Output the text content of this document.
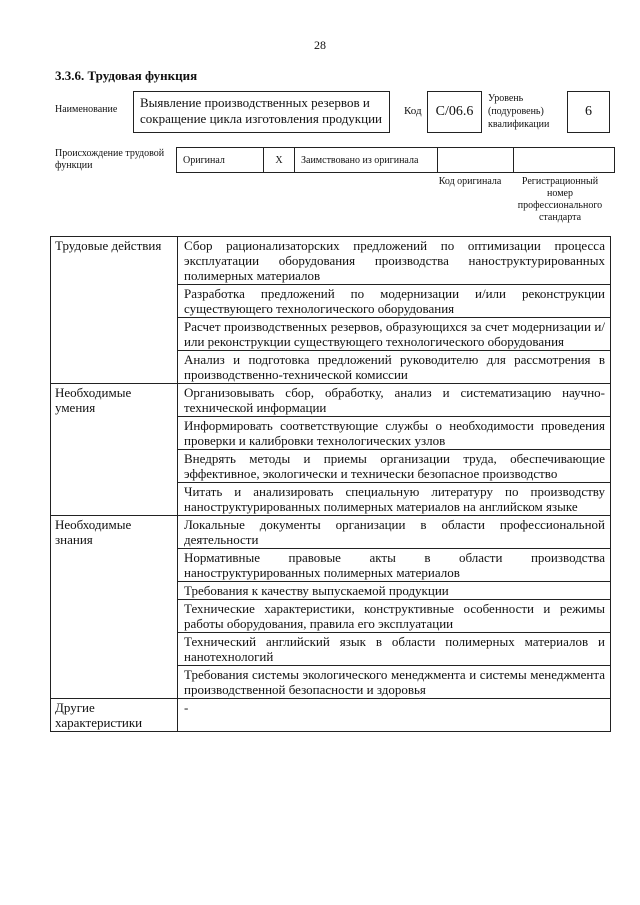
28
3.3.6. Трудовая функция
Наименование	Выявление производственных резервов и сокращение цикла изготовления продукции	Код	С/06.6
Уровень (подуровень) квалификации
6
Происхождение трудовой функции	Оригинал	Х	Заимствовано из оригинала		
Код оригинала	Регистрационный номер профессионального стандарта
Трудовые действия	Сбор рационализаторских предложений по оптимизации процесса эксплуатации оборудования производства наноструктурированных полимерных материалов
	Разработка предложений по модернизации и/или реконструкции существующего технологического оборудования
	Расчет производственных резервов, образующихся за счет модернизации и/или реконструкции существующего технологического оборудования
	Анализ и подготовка предложений руководителю для рассмотрения в производственно-технической комиссии
Необходимые умения	Организовывать сбор, обработку, анализ и систематизацию научно-технической информации
	Информировать соответствующие службы о необходимости проведения проверки и калибровки технологических узлов
	Внедрять методы и приемы организации труда, обеспечивающие эффективное, экологически и технически безопасное производство
	Читать и анализировать специальную литературу по производству наноструктурированных полимерных материалов на английском языке
Необходимые знания	Локальные документы организации в области профессиональной деятельности
	Нормативные правовые акты в области производства наноструктурированных полимерных материалов
	Требования к качеству выпускаемой продукции
	Технические характеристики, конструктивные особенности и режимы работы оборудования, правила его эксплуатации
	Технический английский язык в области полимерных материалов и нанотехнологий
	Требования системы экологического менеджмента и системы менеджмента производственной безопасности и здоровья
Другие характеристики	-
